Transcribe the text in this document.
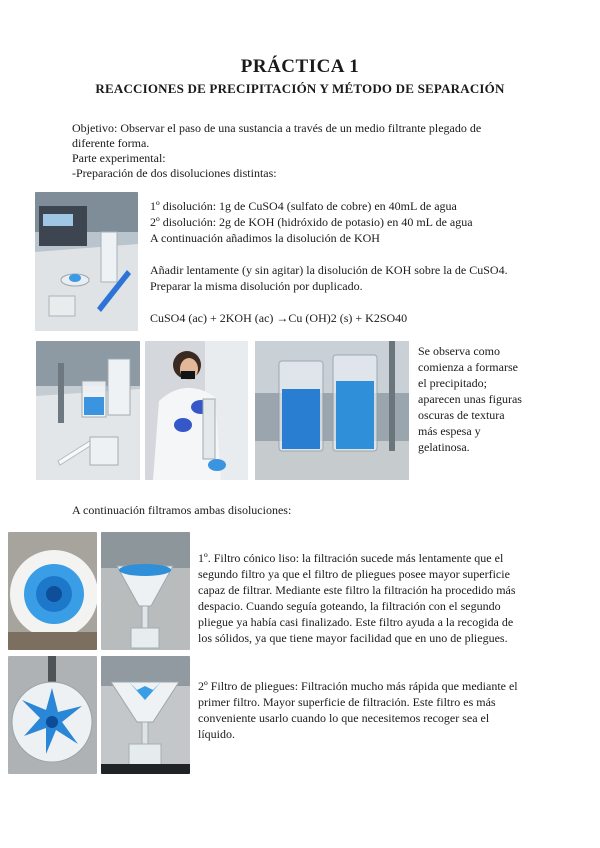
PRÁCTICA 1
REACCIONES DE PRECIPITACIÓN Y MÉTODO DE SEPARACIÓN
Objetivo: Observar el paso de una sustancia a través de un medio filtrante plegado de
diferente forma.
Parte experimental:
-Preparación de dos disoluciones distintas:
1º disolución: 1g de CuSO4 (sulfato de cobre) en 40mL de agua
2º disolución: 2g de KOH (hidróxido de potasio) en 40 mL de agua
A continuación añadimos la disolución de KOH
Añadir lentamente (y sin agitar) la disolución de KOH sobre la de CuSO4.
Preparar la misma disolución por duplicado.
CuSO4 (ac) + 2KOH (ac) →Cu (OH)2 (s) + K2SO40
Se observa como
comienza a formarse
el precipitado;
aparecen unas figuras
oscuras de textura
más espesa y
gelatinosa.
A continuación filtramos ambas disoluciones:
1º. Filtro cónico liso: la filtración sucede más lentamente que el
segundo filtro ya que el filtro de pliegues posee mayor superficie
capaz de filtrar. Mediante este filtro la filtración ha procedido más
despacio. Cuando seguía goteando, la filtración con el segundo
pliegue ya había casi finalizado. Este filtro ayuda a la recogida de
los sólidos, ya que tiene mayor facilidad que en uno de pliegues.
2º Filtro de pliegues: Filtración mucho más rápida que mediante el
primer filtro. Mayor superficie de filtración. Este filtro es más
conveniente usarlo cuando lo que necesitemos recoger sea el
líquido.
